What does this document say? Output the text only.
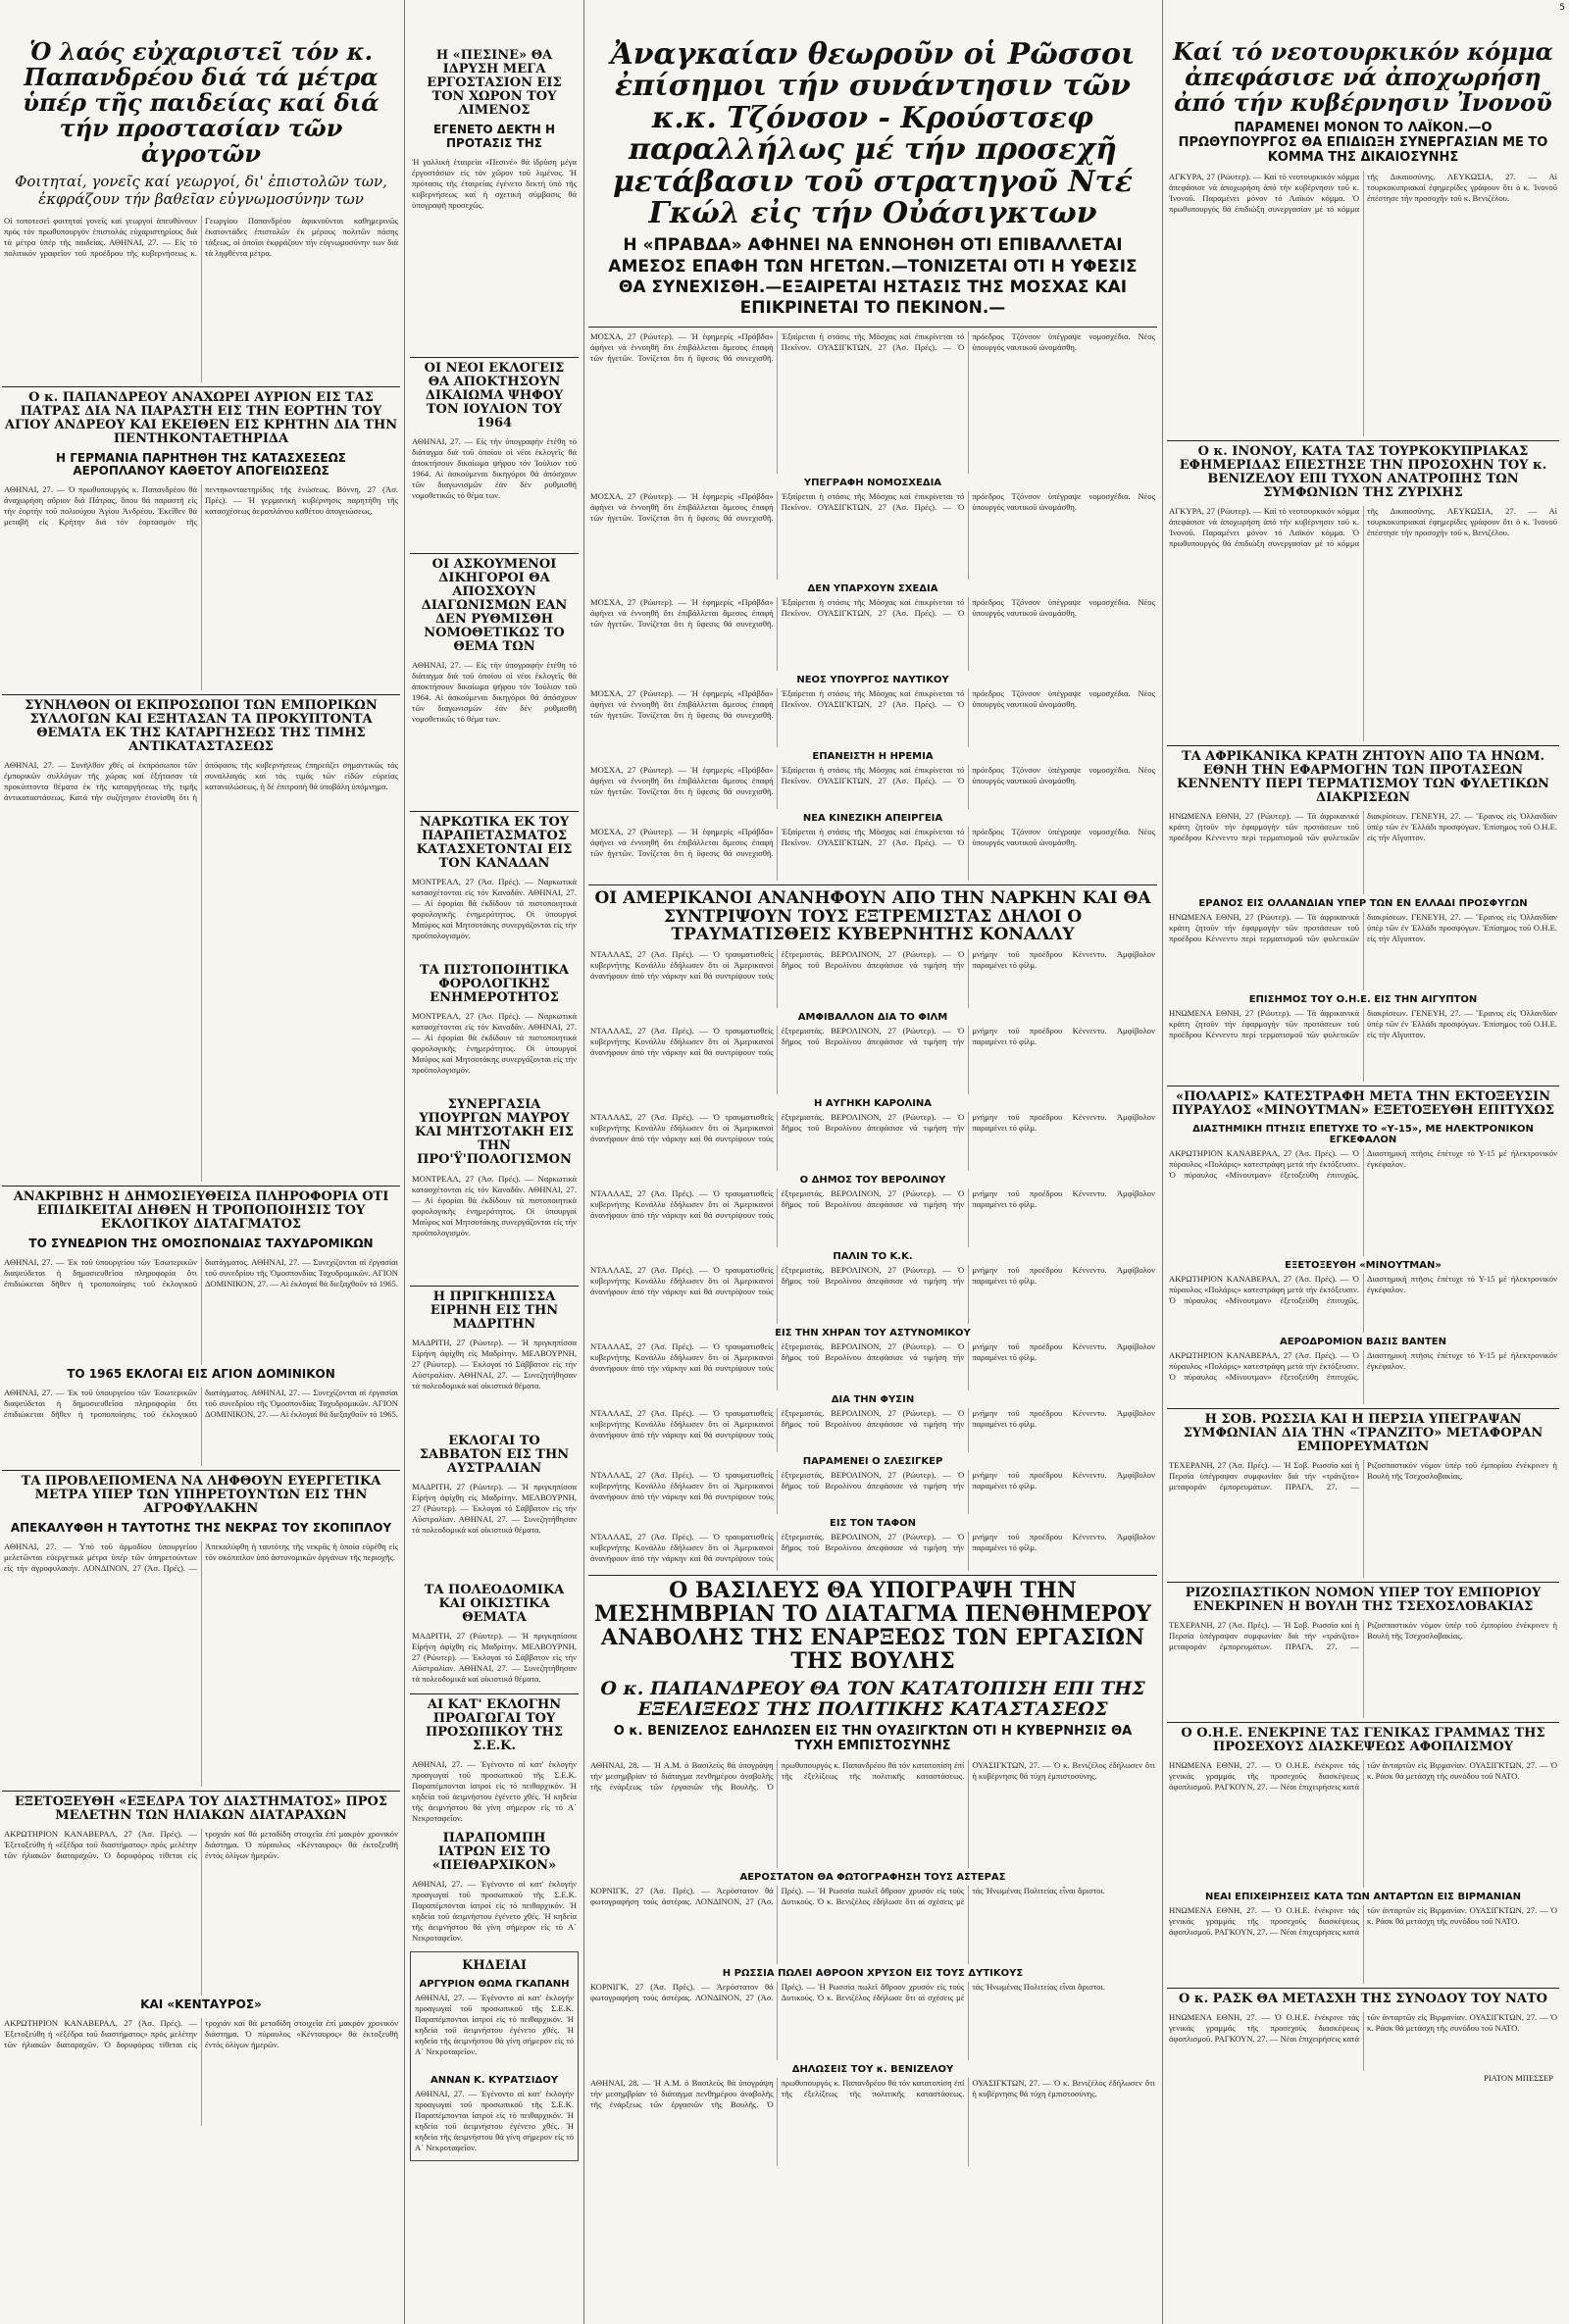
5
Ὁ λαός εὐχαριστεῖ τόν κ. Παπανδρέου διά τά μέτρα ὑπέρ τῆς παιδείας καί διά τήν προστασίαν τῶν ἀγροτῶν
Φοιτηταί, γονεῖς καί γεωργοί, δι' ἐπιστολῶν των, ἐκφράζουν τήν βαθεῖαν εὐγνωμοσύνην των
Οἱ τοποτεσεῖ φοιτηταί γονεῖς καί γεωργοί ἀπευθύνουν πρός τόν πρωθυπουργόν ἐπιστολάς εὐχαριστηρίους διά τά μέτρα ὑπέρ τῆς παιδείας. ΑΘΗΝΑΙ, 27. — Εἰς τό πολιτικόν γραφεῖον τοῦ προέδρου τῆς κυβερνήσεως κ. Γεωργίου Παπανδρέου ἀφικνοῦνται καθημερινῶς ἑκατοντάδες ἐπιστολῶν ἐκ μέρους πολιτῶν πάσης τάξεως, οἱ ὁποῖοι ἐκφράζουν τήν εὐγνωμοσύνην των διά τά ληφθέντα μέτρα.
Ο κ. ΠΑΠΑΝΔΡΕΟΥ ΑΝΑΧΩΡΕΙ ΑΥΡΙΟΝ ΕΙΣ ΤΑΣ ΠΑΤΡΑΣ ΔΙΑ ΝΑ ΠΑΡΑΣΤΗ ΕΙΣ ΤΗΝ ΕΟΡΤΗΝ ΤΟΥ ΑΓΙΟΥ ΑΝΔΡΕΟΥ ΚΑΙ ΕΚΕΙΘΕΝ ΕΙΣ ΚΡΗΤΗΝ ΔΙΑ ΤΗΝ ΠΕΝΤΗΚΟΝΤΑΕΤΗΡΙΔΑ
Η ΓΕΡΜΑΝΙΑ ΠΑΡΗΤΗΘΗ ΤΗΣ ΚΑΤΑΣΧΕΣΕΩΣ ΑΕΡΟΠΛΑΝΟΥ ΚΑΘΕΤΟΥ ΑΠΟΓΕΙΩΣΕΩΣ
ΑΘΗΝΑΙ, 27. — Ὁ πρωθυπουργός κ. Παπανδρέου θά ἀναχωρήση αὔριον διά Πάτρας, ὅπου θά παραστῆ εἰς τήν ἑορτήν τοῦ πολιούχου Ἁγίου Ἀνδρέου. Ἐκεῖθεν θά μεταβῆ εἰς Κρήτην διά τόν ἑορτασμόν τῆς πεντηκονταετηρίδος τῆς ἑνώσεως. Βόννη, 27 (Ἀσ. Πρές). — Ἡ γερμανική κυβέρνησις παρητήθη τῆς κατασχέσεως ἀεροπλάνου καθέτου ἀπογειώσεως.
ΣΥΝΗΛΘΟΝ ΟΙ ΕΚΠΡΟΣΩΠΟΙ ΤΩΝ ΕΜΠΟΡΙΚΩΝ ΣΥΛΛΟΓΩΝ ΚΑΙ ΕΞΗΤΑΣΑΝ ΤΑ ΠΡΟΚΥΠΤΟΝΤΑ ΘΕΜΑΤΑ ΕΚ ΤΗΣ ΚΑΤΑΡΓΗΣΕΩΣ ΤΗΣ ΤΙΜΗΣ ΑΝΤΙΚΑΤΑΣΤΑΣΕΩΣ
ΑΘΗΝΑΙ, 27. — Συνῆλθον χθές οἱ ἐκπρόσωποι τῶν ἐμπορικῶν συλλόγων τῆς χώρας καί ἐξήτασαν τά προκύπτοντα θέματα ἐκ τῆς καταργήσεως τῆς τιμῆς ἀντικαταστάσεως. Κατά τήν συζήτησιν ἐτονίσθη ὅτι ἡ ἀπόφασις τῆς κυβερνήσεως ἐπηρεάζει σημαντικῶς τάς συναλλαγάς καί τάς τιμάς τῶν εἰδῶν εὐρείας καταναλώσεως, ἡ δέ ἐπιτροπή θά ὑποβάλη ὑπόμνημα.
ΑΝΑΚΡΙΒΗΣ Η ΔΗΜΟΣΙΕΥΘΕΙΣΑ ΠΛΗΡΟΦΟΡΙΑ ΟΤΙ ΕΠΙΔΙΚΕΙΤΑΙ ΔΗΘΕΝ Η ΤΡΟΠΟΠΟΙΗΣΙΣ ΤΟΥ ΕΚΛΟΓΙΚΟΥ ΔΙΑΤΑΓΜΑΤΟΣ
ΤΟ ΣΥΝΕΔΡΙΟΝ ΤΗΣ ΟΜΟΣΠΟΝΔΙΑΣ ΤΑΧΥΔΡΟΜΙΚΩΝ
ΑΘΗΝΑΙ, 27. — Ἐκ τοῦ ὑπουργείου τῶν Ἐσωτερικῶν διαψεύδεται ἡ δημοσιευθεῖσα πληροφορία ὅτι ἐπιδιώκεται δῆθεν ἡ τροποποίησις τοῦ ἐκλογικοῦ διατάγματος. ΑΘΗΝΑΙ, 27. — Συνεχίζονται αἱ ἐργασίαι τοῦ συνεδρίου τῆς Ὁμοσπονδίας Ταχυδρομικῶν. ΑΓΙΟΝ ΔΟΜΙΝΙΚΟΝ, 27. — Αἱ ἐκλογαί θά διεξαχθοῦν τό 1965.
ΤΟ 1965 ΕΚΛΟΓΑΙ ΕΙΣ ΑΓΙΟΝ ΔΟΜΙΝΙΚΟΝ
ΑΘΗΝΑΙ, 27. — Ἐκ τοῦ ὑπουργείου τῶν Ἐσωτερικῶν διαψεύδεται ἡ δημοσιευθεῖσα πληροφορία ὅτι ἐπιδιώκεται δῆθεν ἡ τροποποίησις τοῦ ἐκλογικοῦ διατάγματος. ΑΘΗΝΑΙ, 27. — Συνεχίζονται αἱ ἐργασίαι τοῦ συνεδρίου τῆς Ὁμοσπονδίας Ταχυδρομικῶν. ΑΓΙΟΝ ΔΟΜΙΝΙΚΟΝ, 27. — Αἱ ἐκλογαί θά διεξαχθοῦν τό 1965.
ΤΑ ΠΡΟΒΛΕΠΟΜΕΝΑ ΝΑ ΛΗΦΘΟΥΝ ΕΥΕΡΓΕΤΙΚΑ ΜΕΤΡΑ ΥΠΕΡ ΤΩΝ ΥΠΗΡΕΤΟΥΝΤΩΝ ΕΙΣ ΤΗΝ ΑΓΡΟΦΥΛΑΚΗΝ
ΑΠΕΚΑΛΥΦΘΗ Η ΤΑΥΤΟΤΗΣ ΤΗΣ ΝΕΚΡΑΣ ΤΟΥ ΣΚΟΠΙΠΛΟΥ
ΑΘΗΝΑΙ, 27. — Ὑπό τοῦ ἁρμοδίου ὑπουργείου μελετῶνται εὐεργετικά μέτρα ὑπέρ τῶν ὑπηρετούντων εἰς τήν ἀγροφυλακήν. ΛΟΝΔΙΝΟΝ, 27 (Ἀσ. Πρές). — Ἀπεκαλύφθη ἡ ταυτότης τῆς νεκρᾶς ἡ ὁποία εὑρέθη εἰς τόν σκόπιπλον ὑπό ἀστυνομικῶν ὀργάνων τῆς περιοχῆς.
ΕΞΕΤΟΞΕΥΘΗ «ΕΞΕΔΡΑ ΤΟΥ ΔΙΑΣΤΗΜΑΤΟΣ» ΠΡΟΣ ΜΕΛΕΤΗΝ ΤΩΝ ΗΛΙΑΚΩΝ ΔΙΑΤΑΡΑΧΩΝ
ΑΚΡΩΤΗΡΙΟΝ ΚΑΝΑΒΕΡΑΛ, 27 (Ἀσ. Πρές). — Ἐξετοξεύθη ἡ «ἐξέδρα τοῦ διαστήματος» πρός μελέτην τῶν ἡλιακῶν διαταραχῶν. Ὁ δορυφόρος τίθεται εἰς τροχιάν καί θά μεταδίδη στοιχεῖα ἐπί μακρόν χρονικόν διάστημα. Ὁ πύραυλος «Κένταυρος» θά ἐκτοξευθῆ ἐντός ὀλίγων ἡμερῶν.
ΚΑΙ «ΚΕΝΤΑΥΡΟΣ»
ΑΚΡΩΤΗΡΙΟΝ ΚΑΝΑΒΕΡΑΛ, 27 (Ἀσ. Πρές). — Ἐξετοξεύθη ἡ «ἐξέδρα τοῦ διαστήματος» πρός μελέτην τῶν ἡλιακῶν διαταραχῶν. Ὁ δορυφόρος τίθεται εἰς τροχιάν καί θά μεταδίδη στοιχεῖα ἐπί μακρόν χρονικόν διάστημα. Ὁ πύραυλος «Κένταυρος» θά ἐκτοξευθῆ ἐντός ὀλίγων ἡμερῶν.
Η «ΠΕΣΙΝΕ» ΘΑ ΙΔΡΥΣΗ ΜΕΓΑ ΕΡΓΟΣΤΑΣΙΟΝ ΕΙΣ ΤΟΝ ΧΩΡΟΝ ΤΟΥ ΛΙΜΕΝΟΣ
ΕΓΕΝΕΤΟ ΔΕΚΤΗ Η ΠΡΟΤΑΣΙΣ ΤΗΣ
Ἡ γαλλική ἑταιρεία «Πεσινέ» θά ἱδρύση μέγα ἐργοστάσιον εἰς τόν χῶρον τοῦ λιμένος. Ἡ πρότασις τῆς ἑταιρείας ἐγένετο δεκτή ὑπό τῆς κυβερνήσεως καί ἡ σχετική σύμβασις θά ὑπογραφῆ προσεχῶς.
ΟΙ ΝΕΟΙ ΕΚΛΟΓΕΙΣ ΘΑ ΑΠΟΚΤΗΣΟΥΝ ΔΙΚΑΙΩΜΑ ΨΗΦΟΥ ΤΟΝ ΙΟΥΛΙΟΝ ΤΟΥ 1964
ΑΘΗΝΑΙ, 27. — Εἰς τήν ὑπογραφήν ἐτέθη τό διάταγμα διά τοῦ ὁποίου οἱ νέοι ἐκλογεῖς θά ἀποκτήσουν δικαίωμα ψήφου τόν Ἰούλιον τοῦ 1964. Αἱ ἀσκούμεναι δικηγόροι θά ἀπόσχουν τῶν διαγωνισμῶν ἐάν δέν ρυθμισθῆ νομοθετικῶς τό θέμα των.
ΟΙ ΑΣΚΟΥΜΕΝΟΙ ΔΙΚΗΓΟΡΟΙ ΘΑ ΑΠΟΣΧΟΥΝ ΔΙΑΓΩΝΙΣΜΩΝ ΕΑΝ ΔΕΝ ΡΥΘΜΙΣΘΗ ΝΟΜΟΘΕΤΙΚΩΣ ΤΟ ΘΕΜΑ ΤΩΝ
ΑΘΗΝΑΙ, 27. — Εἰς τήν ὑπογραφήν ἐτέθη τό διάταγμα διά τοῦ ὁποίου οἱ νέοι ἐκλογεῖς θά ἀποκτήσουν δικαίωμα ψήφου τόν Ἰούλιον τοῦ 1964. Αἱ ἀσκούμεναι δικηγόροι θά ἀπόσχουν τῶν διαγωνισμῶν ἐάν δέν ρυθμισθῆ νομοθετικῶς τό θέμα των.
ΝΑΡΚΩΤΙΚΑ ΕΚ ΤΟΥ ΠΑΡΑΠΕΤΑΣΜΑΤΟΣ ΚΑΤΑΣΧΕΤΟΝΤΑΙ ΕΙΣ ΤΟΝ ΚΑΝΑΔΑΝ
ΜΟΝΤΡΕΑΛ, 27 (Ἀσ. Πρές). — Ναρκωτικά κατασχέτονται εἰς τόν Καναδᾶν. ΑΘΗΝΑΙ, 27. — Αἱ ἐφορίαι θά ἐκδίδουν τά πιστοποιητικά φορολογικῆς ἐνημερότητος. Οἱ ὑπουργοί Μαύρος καί Μητσοτάκης συνεργάζονται εἰς τήν προϋπολογισμόν.
ΤΑ ΠΙΣΤΟΠΟΙΗΤΙΚΑ ΦΟΡΟΛΟΓΙΚΗΣ ΕΝΗΜΕΡΟΤΗΤΟΣ
ΜΟΝΤΡΕΑΛ, 27 (Ἀσ. Πρές). — Ναρκωτικά κατασχέτονται εἰς τόν Καναδᾶν. ΑΘΗΝΑΙ, 27. — Αἱ ἐφορίαι θά ἐκδίδουν τά πιστοποιητικά φορολογικῆς ἐνημερότητος. Οἱ ὑπουργοί Μαύρος καί Μητσοτάκης συνεργάζονται εἰς τήν προϋπολογισμόν.
ΣΥΝΕΡΓΑΣΙΑ ΥΠΟΥΡΓΩΝ ΜΑΥΡΟΥ ΚΑΙ ΜΗΤΣΟΤΑΚΗ ΕΙΣ ΤΗΝ ΠΡΟ'Ϋ'ΠΟΛΟΓΙΣΜΟΝ
ΜΟΝΤΡΕΑΛ, 27 (Ἀσ. Πρές). — Ναρκωτικά κατασχέτονται εἰς τόν Καναδᾶν. ΑΘΗΝΑΙ, 27. — Αἱ ἐφορίαι θά ἐκδίδουν τά πιστοποιητικά φορολογικῆς ἐνημερότητος. Οἱ ὑπουργοί Μαύρος καί Μητσοτάκης συνεργάζονται εἰς τήν προϋπολογισμόν.
Η ΠΡΙΓΚΗΠΙΣΣΑ ΕΙΡΗΝΗ ΕΙΣ ΤΗΝ ΜΑΔΡΙΤΗΝ
ΜΑΔΡΙΤΗ, 27 (Ρώυτερ). — Ἡ πριγκηπίσσα Εἰρήνη ἀφίχθη εἰς Μαδρίτην. ΜΕΛΒΟΥΡΝΗ, 27 (Ρώυτερ). — Ἐκλογαί τό Σάββατον εἰς τήν Αὐστραλίαν. ΑΘΗΝΑΙ, 27. — Συνεζητήθησαν τά πολεοδομικά καί οἰκιστικά θέματα.
ΕΚΛΟΓΑΙ ΤΟ ΣΑΒΒΑΤΟΝ ΕΙΣ ΤΗΝ ΑΥΣΤΡΑΛΙΑΝ
ΜΑΔΡΙΤΗ, 27 (Ρώυτερ). — Ἡ πριγκηπίσσα Εἰρήνη ἀφίχθη εἰς Μαδρίτην. ΜΕΛΒΟΥΡΝΗ, 27 (Ρώυτερ). — Ἐκλογαί τό Σάββατον εἰς τήν Αὐστραλίαν. ΑΘΗΝΑΙ, 27. — Συνεζητήθησαν τά πολεοδομικά καί οἰκιστικά θέματα.
ΤΑ ΠΟΛΕΟΔΟΜΙΚΑ ΚΑΙ ΟΙΚΙΣΤΙΚΑ ΘΕΜΑΤΑ
ΜΑΔΡΙΤΗ, 27 (Ρώυτερ). — Ἡ πριγκηπίσσα Εἰρήνη ἀφίχθη εἰς Μαδρίτην. ΜΕΛΒΟΥΡΝΗ, 27 (Ρώυτερ). — Ἐκλογαί τό Σάββατον εἰς τήν Αὐστραλίαν. ΑΘΗΝΑΙ, 27. — Συνεζητήθησαν τά πολεοδομικά καί οἰκιστικά θέματα.
ΑΙ ΚΑΤ' ΕΚΛΟΓΗΝ ΠΡΟΑΓΩΓΑΙ ΤΟΥ ΠΡΟΣΩΠΙΚΟΥ ΤΗΣ Σ.Ε.Κ.
ΑΘΗΝΑΙ, 27. — Ἐγένοντο αἱ κατ' ἐκλογήν προαγωγαί τοῦ προσωπικοῦ τῆς Σ.Ε.Κ. Παραπέμπονται ἰατροί εἰς τό πειθαρχικόν. Ἡ κηδεία τοῦ ἀειμνήστου ἐγένετο χθές. Ἡ κηδεία τῆς ἀειμνήστου θά γίνη σήμερον εἰς τό Α΄ Νεκροταφεῖον.
ΠΑΡΑΠΟΜΠΗ ΙΑΤΡΩΝ ΕΙΣ ΤΟ «ΠΕΙΘΑΡΧΙΚΟΝ»
ΑΘΗΝΑΙ, 27. — Ἐγένοντο αἱ κατ' ἐκλογήν προαγωγαί τοῦ προσωπικοῦ τῆς Σ.Ε.Κ. Παραπέμπονται ἰατροί εἰς τό πειθαρχικόν. Ἡ κηδεία τοῦ ἀειμνήστου ἐγένετο χθές. Ἡ κηδεία τῆς ἀειμνήστου θά γίνη σήμερον εἰς τό Α΄ Νεκροταφεῖον.
ΚΗΔΕΙΑΙ
ΑΡΓΥΡΙΟΝ ΘΩΜΑ ΓΚΑΠΑΝΗ
ΑΘΗΝΑΙ, 27. — Ἐγένοντο αἱ κατ' ἐκλογήν προαγωγαί τοῦ προσωπικοῦ τῆς Σ.Ε.Κ. Παραπέμπονται ἰατροί εἰς τό πειθαρχικόν. Ἡ κηδεία τοῦ ἀειμνήστου ἐγένετο χθές. Ἡ κηδεία τῆς ἀειμνήστου θά γίνη σήμερον εἰς τό Α΄ Νεκροταφεῖον.
ΑΝΝΑΝ Κ. ΚΥΡΑΤΣΙΔΟΥ
ΑΘΗΝΑΙ, 27. — Ἐγένοντο αἱ κατ' ἐκλογήν προαγωγαί τοῦ προσωπικοῦ τῆς Σ.Ε.Κ. Παραπέμπονται ἰατροί εἰς τό πειθαρχικόν. Ἡ κηδεία τοῦ ἀειμνήστου ἐγένετο χθές. Ἡ κηδεία τῆς ἀειμνήστου θά γίνη σήμερον εἰς τό Α΄ Νεκροταφεῖον.
Ἀναγκαίαν θεωροῦν οἱ Ρῶσσοι ἐπίσημοι τήν συνάντησιν τῶν κ.κ. Τζόνσον - Κρούστσεφ παραλλήλως μέ τήν προσεχῆ μετάβασιν τοῦ στρατηγοῦ Ντέ Γκώλ εἰς τήν Οὐάσιγκτων
Η «ΠΡΑΒΔΑ» ΑΦΗΝΕΙ ΝΑ ΕΝΝΟΗΘΗ ΟΤΙ ΕΠΙΒΑΛΛΕΤΑΙ ΑΜΕΣΟΣ ΕΠΑΦΗ ΤΩΝ ΗΓΕΤΩΝ.—ΤΟΝΙΖΕΤΑΙ ΟΤΙ Η ΥΦΕΣΙΣ ΘΑ ΣΥΝΕΧΙΣΘΗ.—ΕΞΑΙΡΕΤΑΙ ΗΣΤΑΣΙΣ ΤΗΣ ΜΟΣΧΑΣ ΚΑΙ ΕΠΙΚΡΙΝΕΤΑΙ ΤΟ ΠΕΚΙΝΟΝ.—
ΜΟΣΧΑ, 27 (Ρώυτερ). — Ἡ ἐφημερίς «Πράβδα» ἀφήνει νά ἐννοηθῆ ὅτι ἐπιβάλλεται ἄμεσος ἐπαφή τῶν ἡγετῶν. Τονίζεται ὅτι ἡ ὕφεσις θά συνεχισθῆ. Ἐξαίρεται ἡ στάσις τῆς Μόσχας καί ἐπικρίνεται τό Πεκῖνον. ΟΥΑΣΙΓΚΤΩΝ, 27 (Ἀσ. Πρές). — Ὁ πρόεδρος Τζόνσον ὑπέγραψε νομοσχέδια. Νέος ὑπουργός ναυτικοῦ ὠνομάσθη.
ΥΠΕΓΡΑΦΗ ΝΟΜΟΣΧΕΔΙΑ
ΜΟΣΧΑ, 27 (Ρώυτερ). — Ἡ ἐφημερίς «Πράβδα» ἀφήνει νά ἐννοηθῆ ὅτι ἐπιβάλλεται ἄμεσος ἐπαφή τῶν ἡγετῶν. Τονίζεται ὅτι ἡ ὕφεσις θά συνεχισθῆ. Ἐξαίρεται ἡ στάσις τῆς Μόσχας καί ἐπικρίνεται τό Πεκῖνον. ΟΥΑΣΙΓΚΤΩΝ, 27 (Ἀσ. Πρές). — Ὁ πρόεδρος Τζόνσον ὑπέγραψε νομοσχέδια. Νέος ὑπουργός ναυτικοῦ ὠνομάσθη.
ΔΕΝ ΥΠΑΡΧΟΥΝ ΣΧΕΔΙΑ
ΜΟΣΧΑ, 27 (Ρώυτερ). — Ἡ ἐφημερίς «Πράβδα» ἀφήνει νά ἐννοηθῆ ὅτι ἐπιβάλλεται ἄμεσος ἐπαφή τῶν ἡγετῶν. Τονίζεται ὅτι ἡ ὕφεσις θά συνεχισθῆ. Ἐξαίρεται ἡ στάσις τῆς Μόσχας καί ἐπικρίνεται τό Πεκῖνον. ΟΥΑΣΙΓΚΤΩΝ, 27 (Ἀσ. Πρές). — Ὁ πρόεδρος Τζόνσον ὑπέγραψε νομοσχέδια. Νέος ὑπουργός ναυτικοῦ ὠνομάσθη.
ΝΕΟΣ ΥΠΟΥΡΓΟΣ ΝΑΥΤΙΚΟΥ
ΜΟΣΧΑ, 27 (Ρώυτερ). — Ἡ ἐφημερίς «Πράβδα» ἀφήνει νά ἐννοηθῆ ὅτι ἐπιβάλλεται ἄμεσος ἐπαφή τῶν ἡγετῶν. Τονίζεται ὅτι ἡ ὕφεσις θά συνεχισθῆ. Ἐξαίρεται ἡ στάσις τῆς Μόσχας καί ἐπικρίνεται τό Πεκῖνον. ΟΥΑΣΙΓΚΤΩΝ, 27 (Ἀσ. Πρές). — Ὁ πρόεδρος Τζόνσον ὑπέγραψε νομοσχέδια. Νέος ὑπουργός ναυτικοῦ ὠνομάσθη.
ΕΠΑΝΕΙΣΤΗ Η ΗΡΕΜΙΑ
ΜΟΣΧΑ, 27 (Ρώυτερ). — Ἡ ἐφημερίς «Πράβδα» ἀφήνει νά ἐννοηθῆ ὅτι ἐπιβάλλεται ἄμεσος ἐπαφή τῶν ἡγετῶν. Τονίζεται ὅτι ἡ ὕφεσις θά συνεχισθῆ. Ἐξαίρεται ἡ στάσις τῆς Μόσχας καί ἐπικρίνεται τό Πεκῖνον. ΟΥΑΣΙΓΚΤΩΝ, 27 (Ἀσ. Πρές). — Ὁ πρόεδρος Τζόνσον ὑπέγραψε νομοσχέδια. Νέος ὑπουργός ναυτικοῦ ὠνομάσθη.
ΝΕΑ ΚΙΝΕΖΙΚΗ ΑΠΕΙΡΓΕΙΑ
ΜΟΣΧΑ, 27 (Ρώυτερ). — Ἡ ἐφημερίς «Πράβδα» ἀφήνει νά ἐννοηθῆ ὅτι ἐπιβάλλεται ἄμεσος ἐπαφή τῶν ἡγετῶν. Τονίζεται ὅτι ἡ ὕφεσις θά συνεχισθῆ. Ἐξαίρεται ἡ στάσις τῆς Μόσχας καί ἐπικρίνεται τό Πεκῖνον. ΟΥΑΣΙΓΚΤΩΝ, 27 (Ἀσ. Πρές). — Ὁ πρόεδρος Τζόνσον ὑπέγραψε νομοσχέδια. Νέος ὑπουργός ναυτικοῦ ὠνομάσθη.
ΟΙ ΑΜΕΡΙΚΑΝΟΙ ΑΝΑΝΗΦΟΥΝ ΑΠΟ ΤΗΝ ΝΑΡΚΗΝ ΚΑΙ ΘΑ ΣΥΝΤΡΙΨΟΥΝ ΤΟΥΣ ΕΞΤΡΕΜΙΣΤΑΣ ΔΗΛΟΙ Ο ΤΡΑΥΜΑΤΙΣΘΕΙΣ ΚΥΒΕΡΝΗΤΗΣ ΚΟΝΑΛΛΥ
ΝΤΑΛΛΑΣ, 27 (Ἀσ. Πρές). — Ὁ τραυματισθείς κυβερνήτης Κονάλλυ ἐδήλωσεν ὅτι οἱ Ἀμερικανοί ἀνανήφουν ἀπό τήν νάρκην καί θά συντρίψουν τούς ἐξτρεμιστάς. ΒΕΡΟΛΙΝΟΝ, 27 (Ρώυτερ). — Ὁ δῆμος τοῦ Βερολίνου ἀπεφάσισε νά τιμήση τήν μνήμην τοῦ προέδρου Κέννεντυ. Ἀμφίβολον παραμένει τό φίλμ.
ΑΜΦΙΒΑΛΛΟΝ ΔΙΑ ΤΟ ΦΙΛΜ
ΝΤΑΛΛΑΣ, 27 (Ἀσ. Πρές). — Ὁ τραυματισθείς κυβερνήτης Κονάλλυ ἐδήλωσεν ὅτι οἱ Ἀμερικανοί ἀνανήφουν ἀπό τήν νάρκην καί θά συντρίψουν τούς ἐξτρεμιστάς. ΒΕΡΟΛΙΝΟΝ, 27 (Ρώυτερ). — Ὁ δῆμος τοῦ Βερολίνου ἀπεφάσισε νά τιμήση τήν μνήμην τοῦ προέδρου Κέννεντυ. Ἀμφίβολον παραμένει τό φίλμ.
Η ΑΥΓΗΚΗ ΚΑΡΟΛΙΝΑ
ΝΤΑΛΛΑΣ, 27 (Ἀσ. Πρές). — Ὁ τραυματισθείς κυβερνήτης Κονάλλυ ἐδήλωσεν ὅτι οἱ Ἀμερικανοί ἀνανήφουν ἀπό τήν νάρκην καί θά συντρίψουν τούς ἐξτρεμιστάς. ΒΕΡΟΛΙΝΟΝ, 27 (Ρώυτερ). — Ὁ δῆμος τοῦ Βερολίνου ἀπεφάσισε νά τιμήση τήν μνήμην τοῦ προέδρου Κέννεντυ. Ἀμφίβολον παραμένει τό φίλμ.
Ο ΔΗΜΟΣ ΤΟΥ ΒΕΡΟΛΙΝΟΥ
ΝΤΑΛΛΑΣ, 27 (Ἀσ. Πρές). — Ὁ τραυματισθείς κυβερνήτης Κονάλλυ ἐδήλωσεν ὅτι οἱ Ἀμερικανοί ἀνανήφουν ἀπό τήν νάρκην καί θά συντρίψουν τούς ἐξτρεμιστάς. ΒΕΡΟΛΙΝΟΝ, 27 (Ρώυτερ). — Ὁ δῆμος τοῦ Βερολίνου ἀπεφάσισε νά τιμήση τήν μνήμην τοῦ προέδρου Κέννεντυ. Ἀμφίβολον παραμένει τό φίλμ.
ΠΑΛΙΝ ΤΟ Κ.Κ.
ΝΤΑΛΛΑΣ, 27 (Ἀσ. Πρές). — Ὁ τραυματισθείς κυβερνήτης Κονάλλυ ἐδήλωσεν ὅτι οἱ Ἀμερικανοί ἀνανήφουν ἀπό τήν νάρκην καί θά συντρίψουν τούς ἐξτρεμιστάς. ΒΕΡΟΛΙΝΟΝ, 27 (Ρώυτερ). — Ὁ δῆμος τοῦ Βερολίνου ἀπεφάσισε νά τιμήση τήν μνήμην τοῦ προέδρου Κέννεντυ. Ἀμφίβολον παραμένει τό φίλμ.
ΕΙΣ ΤΗΝ ΧΗΡΑΝ ΤΟΥ ΑΣΤΥΝΟΜΙΚΟΥ
ΝΤΑΛΛΑΣ, 27 (Ἀσ. Πρές). — Ὁ τραυματισθείς κυβερνήτης Κονάλλυ ἐδήλωσεν ὅτι οἱ Ἀμερικανοί ἀνανήφουν ἀπό τήν νάρκην καί θά συντρίψουν τούς ἐξτρεμιστάς. ΒΕΡΟΛΙΝΟΝ, 27 (Ρώυτερ). — Ὁ δῆμος τοῦ Βερολίνου ἀπεφάσισε νά τιμήση τήν μνήμην τοῦ προέδρου Κέννεντυ. Ἀμφίβολον παραμένει τό φίλμ.
ΔΙΑ ΤΗΝ ΦΥΣΙΝ
ΝΤΑΛΛΑΣ, 27 (Ἀσ. Πρές). — Ὁ τραυματισθείς κυβερνήτης Κονάλλυ ἐδήλωσεν ὅτι οἱ Ἀμερικανοί ἀνανήφουν ἀπό τήν νάρκην καί θά συντρίψουν τούς ἐξτρεμιστάς. ΒΕΡΟΛΙΝΟΝ, 27 (Ρώυτερ). — Ὁ δῆμος τοῦ Βερολίνου ἀπεφάσισε νά τιμήση τήν μνήμην τοῦ προέδρου Κέννεντυ. Ἀμφίβολον παραμένει τό φίλμ.
ΠΑΡΑΜΕΝΕΙ Ο ΣΛΕΣΙΓΚΕΡ
ΝΤΑΛΛΑΣ, 27 (Ἀσ. Πρές). — Ὁ τραυματισθείς κυβερνήτης Κονάλλυ ἐδήλωσεν ὅτι οἱ Ἀμερικανοί ἀνανήφουν ἀπό τήν νάρκην καί θά συντρίψουν τούς ἐξτρεμιστάς. ΒΕΡΟΛΙΝΟΝ, 27 (Ρώυτερ). — Ὁ δῆμος τοῦ Βερολίνου ἀπεφάσισε νά τιμήση τήν μνήμην τοῦ προέδρου Κέννεντυ. Ἀμφίβολον παραμένει τό φίλμ.
ΕΙΣ ΤΟΝ ΤΑΦΟΝ
ΝΤΑΛΛΑΣ, 27 (Ἀσ. Πρές). — Ὁ τραυματισθείς κυβερνήτης Κονάλλυ ἐδήλωσεν ὅτι οἱ Ἀμερικανοί ἀνανήφουν ἀπό τήν νάρκην καί θά συντρίψουν τούς ἐξτρεμιστάς. ΒΕΡΟΛΙΝΟΝ, 27 (Ρώυτερ). — Ὁ δῆμος τοῦ Βερολίνου ἀπεφάσισε νά τιμήση τήν μνήμην τοῦ προέδρου Κέννεντυ. Ἀμφίβολον παραμένει τό φίλμ.
Ο ΒΑΣΙΛΕΥΣ ΘΑ ΥΠΟΓΡΑΨΗ ΤΗΝ ΜΕΣΗΜΒΡΙΑΝ ΤΟ ΔΙΑΤΑΓΜΑ ΠΕΝΘΗΜΕΡΟΥ ΑΝΑΒΟΛΗΣ ΤΗΣ ΕΝΑΡΞΕΩΣ ΤΩΝ ΕΡΓΑΣΙΩΝ ΤΗΣ ΒΟΥΛΗΣ
Ο κ. ΠΑΠΑΝΔΡΕΟΥ ΘΑ ΤΟΝ ΚΑΤΑΤΟΠΙΣΗ ΕΠΙ ΤΗΣ ΕΞΕΛΙΞΕΩΣ ΤΗΣ ΠΟΛΙΤΙΚΗΣ ΚΑΤΑΣΤΑΣΕΩΣ
Ο κ. ΒΕΝΙΖΕΛΟΣ ΕΔΗΛΩΣΕΝ ΕΙΣ ΤΗΝ ΟΥΑΣΙΓΚΤΩΝ ΟΤΙ Η ΚΥΒΕΡΝΗΣΙΣ ΘΑ ΤΥΧΗ ΕΜΠΙΣΤΟΣΥΝΗΣ
ΑΘΗΝΑΙ, 28. — Ἡ Α.Μ. ὁ Βασιλεύς θά ὑπογράψη τήν μεσημβρίαν τό διάταγμα πενθημέρου ἀναβολῆς τῆς ἐνάρξεως τῶν ἐργασιῶν τῆς Βουλῆς. Ὁ πρωθυπουργός κ. Παπανδρέου θά τόν κατατοπίση ἐπί τῆς ἐξελίξεως τῆς πολιτικῆς καταστάσεως. ΟΥΑΣΙΓΚΤΩΝ, 27. — Ὁ κ. Βενιζέλος ἐδήλωσεν ὅτι ἡ κυβέρνησις θά τύχη ἐμπιστοσύνης.
ΑΕΡΟΣΤΑΤΟΝ ΘΑ ΦΩΤΟΓΡΑΦΗΣΗ ΤΟΥΣ ΑΣΤΕΡΑΣ
ΚΟΡΝΙΓΚ, 27 (Ἀσ. Πρές). — Ἀερόστατον θά φωτογραφήση τούς ἀστέρας. ΛΟΝΔΙΝΟΝ, 27 (Ἀσ. Πρές). — Ἡ Ρωσσία πωλεῖ ἄθροον χρυσόν εἰς τούς Δυτικούς. Ὁ κ. Βενιζέλος ἐδήλωσε ὅτι αἱ σχέσεις μέ τάς Ἡνωμένας Πολιτείας εἶναι ἄριστοι.
Η ΡΩΣΣΙΑ ΠΩΛΕΙ ΑΘΡΟΟΝ ΧΡΥΣΟΝ ΕΙΣ ΤΟΥΣ ΔΥΤΙΚΟΥΣ
ΚΟΡΝΙΓΚ, 27 (Ἀσ. Πρές). — Ἀερόστατον θά φωτογραφήση τούς ἀστέρας. ΛΟΝΔΙΝΟΝ, 27 (Ἀσ. Πρές). — Ἡ Ρωσσία πωλεῖ ἄθροον χρυσόν εἰς τούς Δυτικούς. Ὁ κ. Βενιζέλος ἐδήλωσε ὅτι αἱ σχέσεις μέ τάς Ἡνωμένας Πολιτείας εἶναι ἄριστοι.
ΔΗΛΩΣΕΙΣ ΤΟΥ κ. ΒΕΝΙΖΕΛΟΥ
ΑΘΗΝΑΙ, 28. — Ἡ Α.Μ. ὁ Βασιλεύς θά ὑπογράψη τήν μεσημβρίαν τό διάταγμα πενθημέρου ἀναβολῆς τῆς ἐνάρξεως τῶν ἐργασιῶν τῆς Βουλῆς. Ὁ πρωθυπουργός κ. Παπανδρέου θά τόν κατατοπίση ἐπί τῆς ἐξελίξεως τῆς πολιτικῆς καταστάσεως. ΟΥΑΣΙΓΚΤΩΝ, 27. — Ὁ κ. Βενιζέλος ἐδήλωσεν ὅτι ἡ κυβέρνησις θά τύχη ἐμπιστοσύνης.
Καί τό νεοτουρκικόν κόμμα ἀπεφάσισε νά ἀποχωρήση ἀπό τήν κυβέρνησιν Ἰνονοῦ
ΠΑΡΑΜΕΝΕΙ ΜΟΝΟΝ ΤΟ ΛΑΪΚΟΝ.—Ο ΠΡΩΘΥΠΟΥΡΓΟΣ ΘΑ ΕΠΙΔΙΩΞΗ ΣΥΝΕΡΓΑΣΙΑΝ ΜΕ ΤΟ ΚΟΜΜΑ ΤΗΣ ΔΙΚΑΙΟΣΥΝΗΣ
ΑΓΚΥΡΑ, 27 (Ρώυτερ). — Καί τό νεοτουρκικόν κόμμα ἀπεφάσισε νά ἀποχωρήση ἀπό τήν κυβέρνησιν τοῦ κ. Ἰνονοῦ. Παραμένει μόνον τό Λαϊκόν κόμμα. Ὁ πρωθυπουργός θά ἐπιδιώξη συνεργασίαν μέ τό κόμμα τῆς Δικαιοσύνης. ΛΕΥΚΩΣΙΑ, 27. — Αἱ τουρκοκυπριακαί ἐφημερίδες γράφουν ὅτι ὁ κ. Ἰνονοῦ ἐπέστησε τήν προσοχήν τοῦ κ. Βενιζέλου.
Ο κ. ΙΝΟΝΟΥ, ΚΑΤΑ ΤΑΣ ΤΟΥΡΚΟΚΥΠΡΙΑΚΑΣ ΕΦΗΜΕΡΙΔΑΣ ΕΠΕΣΤΗΣΕ ΤΗΝ ΠΡΟΣΟΧΗΝ ΤΟΥ κ. ΒΕΝΙΖΕΛΟΥ ΕΠΙ ΤΥΧΟΝ ΑΝΑΤΡΟΠΗΣ ΤΩΝ ΣΥΜΦΩΝΙΩΝ ΤΗΣ ΖΥΡΙΧΗΣ
ΑΓΚΥΡΑ, 27 (Ρώυτερ). — Καί τό νεοτουρκικόν κόμμα ἀπεφάσισε νά ἀποχωρήση ἀπό τήν κυβέρνησιν τοῦ κ. Ἰνονοῦ. Παραμένει μόνον τό Λαϊκόν κόμμα. Ὁ πρωθυπουργός θά ἐπιδιώξη συνεργασίαν μέ τό κόμμα τῆς Δικαιοσύνης. ΛΕΥΚΩΣΙΑ, 27. — Αἱ τουρκοκυπριακαί ἐφημερίδες γράφουν ὅτι ὁ κ. Ἰνονοῦ ἐπέστησε τήν προσοχήν τοῦ κ. Βενιζέλου.
ΤΑ ΑΦΡΙΚΑΝΙΚΑ ΚΡΑΤΗ ΖΗΤΟΥΝ ΑΠΟ ΤΑ ΗΝΩΜ. ΕΘΝΗ ΤΗΝ ΕΦΑΡΜΟΓΗΝ ΤΩΝ ΠΡΟΤΑΣΕΩΝ ΚΕΝΝΕΝΤΥ ΠΕΡΙ ΤΕΡΜΑΤΙΣΜΟΥ ΤΩΝ ΦΥΛΕΤΙΚΩΝ ΔΙΑΚΡΙΣΕΩΝ
ΗΝΩΜΕΝΑ ΕΘΝΗ, 27 (Ρώυτερ). — Τά ἀφρικανικά κράτη ζητοῦν τήν ἐφαρμογήν τῶν προτάσεων τοῦ προέδρου Κέννεντυ περί τερματισμοῦ τῶν φυλετικῶν διακρίσεων. ΓΕΝΕΥΗ, 27. — Ἔρανος εἰς Ὀλλανδίαν ὑπέρ τῶν ἐν Ἑλλάδι προσφύγων. Ἐπίσημος τοῦ Ο.Η.Ε. εἰς τήν Αἴγυπτον.
ΕΡΑΝΟΣ ΕΙΣ ΟΛΛΑΝΔΙΑΝ ΥΠΕΡ ΤΩΝ ΕΝ ΕΛΛΑΔΙ ΠΡΟΣΦΥΓΩΝ
ΗΝΩΜΕΝΑ ΕΘΝΗ, 27 (Ρώυτερ). — Τά ἀφρικανικά κράτη ζητοῦν τήν ἐφαρμογήν τῶν προτάσεων τοῦ προέδρου Κέννεντυ περί τερματισμοῦ τῶν φυλετικῶν διακρίσεων. ΓΕΝΕΥΗ, 27. — Ἔρανος εἰς Ὀλλανδίαν ὑπέρ τῶν ἐν Ἑλλάδι προσφύγων. Ἐπίσημος τοῦ Ο.Η.Ε. εἰς τήν Αἴγυπτον.
ΕΠΙΣΗΜΟΣ ΤΟΥ Ο.Η.Ε. ΕΙΣ ΤΗΝ ΑΙΓΥΠΤΟΝ
ΗΝΩΜΕΝΑ ΕΘΝΗ, 27 (Ρώυτερ). — Τά ἀφρικανικά κράτη ζητοῦν τήν ἐφαρμογήν τῶν προτάσεων τοῦ προέδρου Κέννεντυ περί τερματισμοῦ τῶν φυλετικῶν διακρίσεων. ΓΕΝΕΥΗ, 27. — Ἔρανος εἰς Ὀλλανδίαν ὑπέρ τῶν ἐν Ἑλλάδι προσφύγων. Ἐπίσημος τοῦ Ο.Η.Ε. εἰς τήν Αἴγυπτον.
«ΠΟΛΑΡΙΣ» ΚΑΤΕΣΤΡΑΦΗ ΜΕΤΑ ΤΗΝ ΕΚΤΟΞΕΥΣΙΝ ΠΥΡΑΥΛΟΣ «ΜΙΝΟΥΤΜΑΝ» ΕΞΕΤΟΞΕΥΘΗ ΕΠΙΤΥΧΩΣ
ΔΙΑΣΤΗΜΙΚΗ ΠΤΗΣΙΣ ΕΠΕΤΥΧΕ ΤΟ «Υ-15», ΜΕ ΗΛΕΚΤΡΟΝΙΚΟΝ ΕΓΚΕΦΑΛΟΝ
ΑΚΡΩΤΗΡΙΟΝ ΚΑΝΑΒΕΡΑΛ, 27 (Ἀσ. Πρές). — Ὁ πύραυλος «Πολάρις» κατεστράφη μετά τήν ἐκτόξευσιν. Ὁ πύραυλος «Μίνουτμαν» ἐξετοξεύθη ἐπιτυχῶς. Διαστημική πτῆσις ἐπέτυχε τό Υ-15 μέ ἠλεκτρονικόν ἐγκέφαλον.
ΕΞΕΤΟΞΕΥΘΗ «ΜΙΝΟΥΤΜΑΝ»
ΑΚΡΩΤΗΡΙΟΝ ΚΑΝΑΒΕΡΑΛ, 27 (Ἀσ. Πρές). — Ὁ πύραυλος «Πολάρις» κατεστράφη μετά τήν ἐκτόξευσιν. Ὁ πύραυλος «Μίνουτμαν» ἐξετοξεύθη ἐπιτυχῶς. Διαστημική πτῆσις ἐπέτυχε τό Υ-15 μέ ἠλεκτρονικόν ἐγκέφαλον.
ΑΕΡΟΔΡΟΜΙΟΝ ΒΑΣΙΣ ΒΑΝΤΕΝ
ΑΚΡΩΤΗΡΙΟΝ ΚΑΝΑΒΕΡΑΛ, 27 (Ἀσ. Πρές). — Ὁ πύραυλος «Πολάρις» κατεστράφη μετά τήν ἐκτόξευσιν. Ὁ πύραυλος «Μίνουτμαν» ἐξετοξεύθη ἐπιτυχῶς. Διαστημική πτῆσις ἐπέτυχε τό Υ-15 μέ ἠλεκτρονικόν ἐγκέφαλον.
Η ΣΟΒ. ΡΩΣΣΙΑ ΚΑΙ Η ΠΕΡΣΙΑ ΥΠΕΓΡΑΨΑΝ ΣΥΜΦΩΝΙΑΝ ΔΙΑ ΤΗΝ «ΤΡΑΝΖΙΤΟ» ΜΕΤΑΦΟΡΑΝ ΕΜΠΟΡΕΥΜΑΤΩΝ
ΤΕΧΕΡΑΝΗ, 27 (Ἀσ. Πρές). — Ἡ Σοβ. Ρωσσία καί ἡ Περσία ὑπέγραψαν συμφωνίαν διά τήν «τράνζιτο» μεταφοράν ἐμπορευμάτων. ΠΡΑΓΑ, 27. — Ριζοσπαστικόν νόμον ὑπέρ τοῦ ἐμπορίου ἐνέκρινεν ἡ Βουλή τῆς Τσεχοσλοβακίας.
ΡΙΖΟΣΠΑΣΤΙΚΟΝ ΝΟΜΟΝ ΥΠΕΡ ΤΟΥ ΕΜΠΟΡΙΟΥ ΕΝΕΚΡΙΝΕΝ Η ΒΟΥΛΗ ΤΗΣ ΤΣΕΧΟΣΛΟΒΑΚΙΑΣ
ΤΕΧΕΡΑΝΗ, 27 (Ἀσ. Πρές). — Ἡ Σοβ. Ρωσσία καί ἡ Περσία ὑπέγραψαν συμφωνίαν διά τήν «τράνζιτο» μεταφοράν ἐμπορευμάτων. ΠΡΑΓΑ, 27. — Ριζοσπαστικόν νόμον ὑπέρ τοῦ ἐμπορίου ἐνέκρινεν ἡ Βουλή τῆς Τσεχοσλοβακίας.
Ο Ο.Η.Ε. ΕΝΕΚΡΙΝΕ ΤΑΣ ΓΕΝΙΚΑΣ ΓΡΑΜΜΑΣ ΤΗΣ ΠΡΟΣΕΧΟΥΣ ΔΙΑΣΚΕΨΕΩΣ ΑΦΟΠΛΙΣΜΟΥ
ΗΝΩΜΕΝΑ ΕΘΝΗ, 27. — Ὁ Ο.Η.Ε. ἐνέκρινε τάς γενικάς γραμμάς τῆς προσεχοῦς διασκέψεως ἀφοπλισμοῦ. ΡΑΓΚΟΥΝ, 27. — Νέαι ἐπιχειρήσεις κατά τῶν ἀνταρτῶν εἰς Βιρμανίαν. ΟΥΑΣΙΓΚΤΩΝ, 27. — Ὁ κ. Ράσκ θά μετάσχη τῆς συνόδου τοῦ ΝΑΤΟ.
ΝΕΑΙ ΕΠΙΧΕΙΡΗΣΕΙΣ ΚΑΤΑ ΤΩΝ ΑΝΤΑΡΤΩΝ ΕΙΣ ΒΙΡΜΑΝΙΑΝ
ΗΝΩΜΕΝΑ ΕΘΝΗ, 27. — Ὁ Ο.Η.Ε. ἐνέκρινε τάς γενικάς γραμμάς τῆς προσεχοῦς διασκέψεως ἀφοπλισμοῦ. ΡΑΓΚΟΥΝ, 27. — Νέαι ἐπιχειρήσεις κατά τῶν ἀνταρτῶν εἰς Βιρμανίαν. ΟΥΑΣΙΓΚΤΩΝ, 27. — Ὁ κ. Ράσκ θά μετάσχη τῆς συνόδου τοῦ ΝΑΤΟ.
Ο κ. ΡΑΣΚ ΘΑ ΜΕΤΑΣΧΗ ΤΗΣ ΣΥΝΟΔΟΥ ΤΟΥ ΝΑΤΟ
ΗΝΩΜΕΝΑ ΕΘΝΗ, 27. — Ὁ Ο.Η.Ε. ἐνέκρινε τάς γενικάς γραμμάς τῆς προσεχοῦς διασκέψεως ἀφοπλισμοῦ. ΡΑΓΚΟΥΝ, 27. — Νέαι ἐπιχειρήσεις κατά τῶν ἀνταρτῶν εἰς Βιρμανίαν. ΟΥΑΣΙΓΚΤΩΝ, 27. — Ὁ κ. Ράσκ θά μετάσχη τῆς συνόδου τοῦ ΝΑΤΟ.
ΡΙΑΤΟΝ ΜΠΕΣΣΕΡ
